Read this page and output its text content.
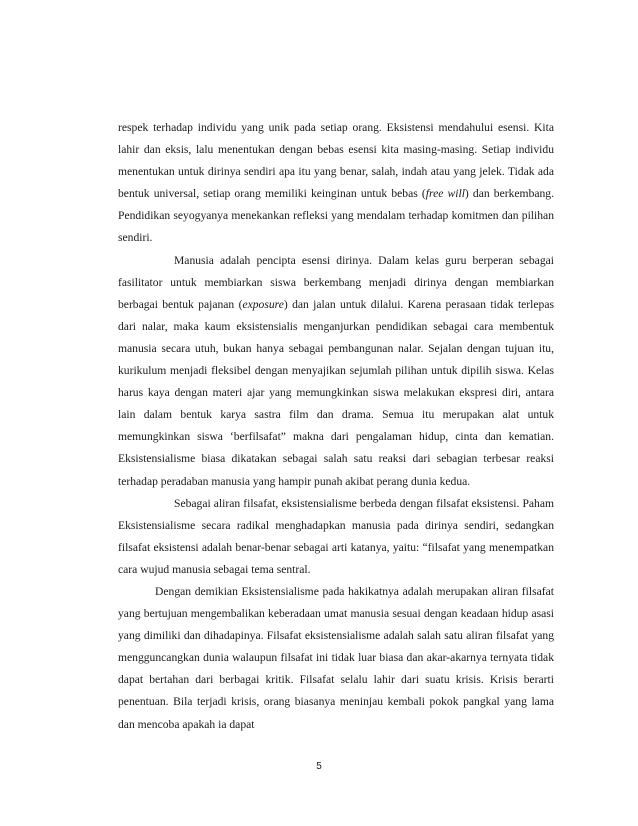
respek terhadap individu yang unik pada setiap orang. Eksistensi mendahului esensi. Kita lahir dan eksis, lalu menentukan dengan bebas esensi kita masing-masing. Setiap individu menentukan untuk dirinya sendiri apa itu yang benar, salah, indah atau yang jelek. Tidak ada bentuk universal, setiap orang memiliki keinginan untuk bebas (free will) dan berkembang. Pendidikan seyogyanya menekankan refleksi yang mendalam terhadap komitmen dan pilihan sendiri.

Manusia adalah pencipta esensi dirinya. Dalam kelas guru berperan sebagai fasilitator untuk membiarkan siswa berkembang menjadi dirinya dengan membiarkan berbagai bentuk pajanan (exposure) dan jalan untuk dilalui. Karena perasaan tidak terlepas dari nalar, maka kaum eksistensialis menganjurkan pendidikan sebagai cara membentuk manusia secara utuh, bukan hanya sebagai pembangunan nalar. Sejalan dengan tujuan itu, kurikulum menjadi fleksibel dengan menyajikan sejumlah pilihan untuk dipilih siswa. Kelas harus kaya dengan materi ajar yang memungkinkan siswa melakukan ekspresi diri, antara lain dalam bentuk karya sastra film dan drama. Semua itu merupakan alat untuk memungkinkan siswa ‘berfilsafat” makna dari pengalaman hidup, cinta dan kematian. Eksistensialisme biasa dikatakan sebagai salah satu reaksi dari sebagian terbesar reaksi terhadap peradaban manusia yang hampir punah akibat perang dunia kedua.

Sebagai aliran filsafat, eksistensialisme berbeda dengan filsafat eksistensi. Paham Eksistensialisme secara radikal menghadapkan manusia pada dirinya sendiri, sedangkan filsafat eksistensi adalah benar-benar sebagai arti katanya, yaitu: “filsafat yang menempatkan cara wujud manusia sebagai tema sentral.

Dengan demikian Eksistensialisme pada hakikatnya adalah merupakan aliran filsafat yang bertujuan mengembalikan keberadaan umat manusia sesuai dengan keadaan hidup asasi yang dimiliki dan dihadapinya. Filsafat eksistensialisme adalah salah satu aliran filsafat yang mengguncangkan dunia walaupun filsafat ini tidak luar biasa dan akar-akarnya ternyata tidak dapat bertahan dari berbagai kritik. Filsafat selalu lahir dari suatu krisis. Krisis berarti penentuan. Bila terjadi krisis, orang biasanya meninjau kembali pokok pangkal yang lama dan mencoba apakah ia dapat

5
